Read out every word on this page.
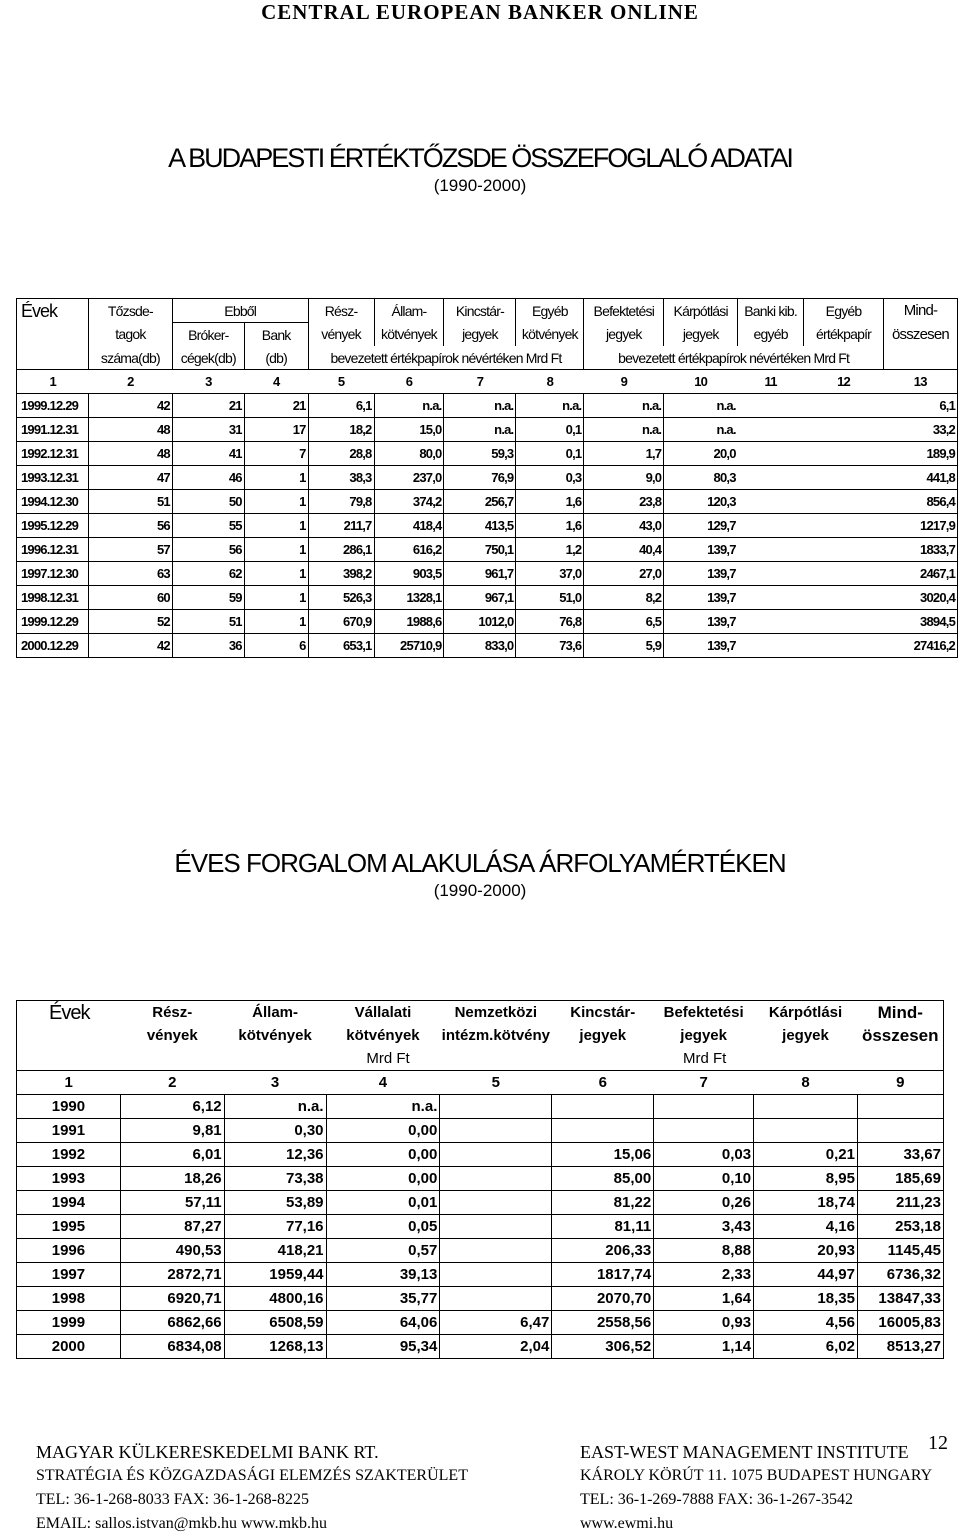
CENTRAL EUROPEAN BANKER ONLINE
A BUDAPESTI ÉRTÉKTŐZSDE ÖSSZEFOGLALÓ ADATAI
(1990-2000)
Évek	Tőzsde-	Ebből		Rész-	Állam-	Kincstár-	Egyéb	Befektetési	Kárpótlási	Banki kib.	Egyéb	Mind-
	tagok	Bróker-	Bank	vények	kötvények	jegyek	kötvények	jegyek	jegyek	egyéb	értékpapír	összesen
	száma(db)	cégek(db)	(db)	bevezetett értékpapírok névértéken Mrd Ft				bevezetett értékpapírok névértéken Mrd Ft				
1	2	3	4	5	6	7	8	9	10	11	12	13
1999.12.29	42	21	21	6,1	n.a.	n.a.	n.a.	n.a.	n.a.			6,1
1991.12.31	48	31	17	18,2	15,0	n.a.	0,1	n.a.	n.a.			33,2
1992.12.31	48	41	7	28,8	80,0	59,3	0,1	1,7	20,0			189,9
1993.12.31	47	46	1	38,3	237,0	76,9	0,3	9,0	80,3			441,8
1994.12.30	51	50	1	79,8	374,2	256,7	1,6	23,8	120,3			856,4
1995.12.29	56	55	1	211,7	418,4	413,5	1,6	43,0	129,7			1217,9
1996.12.31	57	56	1	286,1	616,2	750,1	1,2	40,4	139,7			1833,7
1997.12.30	63	62	1	398,2	903,5	961,7	37,0	27,0	139,7			2467,1
1998.12.31	60	59	1	526,3	1328,1	967,1	51,0	8,2	139,7			3020,4
1999.12.29	52	51	1	670,9	1988,6	1012,0	76,8	6,5	139,7			3894,5
2000.12.29	42	36	6	653,1	25710,9	833,0	73,6	5,9	139,7			27416,2
ÉVES FORGALOM ALAKULÁSA ÁRFOLYAMÉRTÉKEN
(1990-2000)
Évek	Rész-	Állam-	Vállalati	Nemzetközi	Kincstár-	Befektetési	Kárpótlási	Mind-
	vények	kötvények	kötvények	intézm.kötvény	jegyek	jegyek	jegyek	összesen
		Mrd Ft			Mrd Ft			
1	2	3	4	5	6	7	8	9
1990	6,12	n.a.	n.a.					
1991	9,81	0,30	0,00					
1992	6,01	12,36	0,00		15,06	0,03	0,21	33,67
1993	18,26	73,38	0,00		85,00	0,10	8,95	185,69
1994	57,11	53,89	0,01		81,22	0,26	18,74	211,23
1995	87,27	77,16	0,05		81,11	3,43	4,16	253,18
1996	490,53	418,21	0,57		206,33	8,88	20,93	1145,45
1997	2872,71	1959,44	39,13		1817,74	2,33	44,97	6736,32
1998	6920,71	4800,16	35,77		2070,70	1,64	18,35	13847,33
1999	6862,66	6508,59	64,06	6,47	2558,56	0,93	4,56	16005,83
2000	6834,08	1268,13	95,34	2,04	306,52	1,14	6,02	8513,27
MAGYAR KÜLKERESKEDELMI BANK RT.
STRATÉGIA ÉS KÖZGAZDASÁGI ELEMZÉS SZAKTERÜLET
TEL: 36-1-268-8033 FAX: 36-1-268-8225
EMAIL: sallos.istvan@mkb.hu www.mkb.hu
EAST-WEST MANAGEMENT INSTITUTE
KÁROLY KÖRÚT 11. 1075 BUDAPEST HUNGARY
TEL: 36-1-269-7888 FAX: 36-1-267-3542
www.ewmi.hu
12
